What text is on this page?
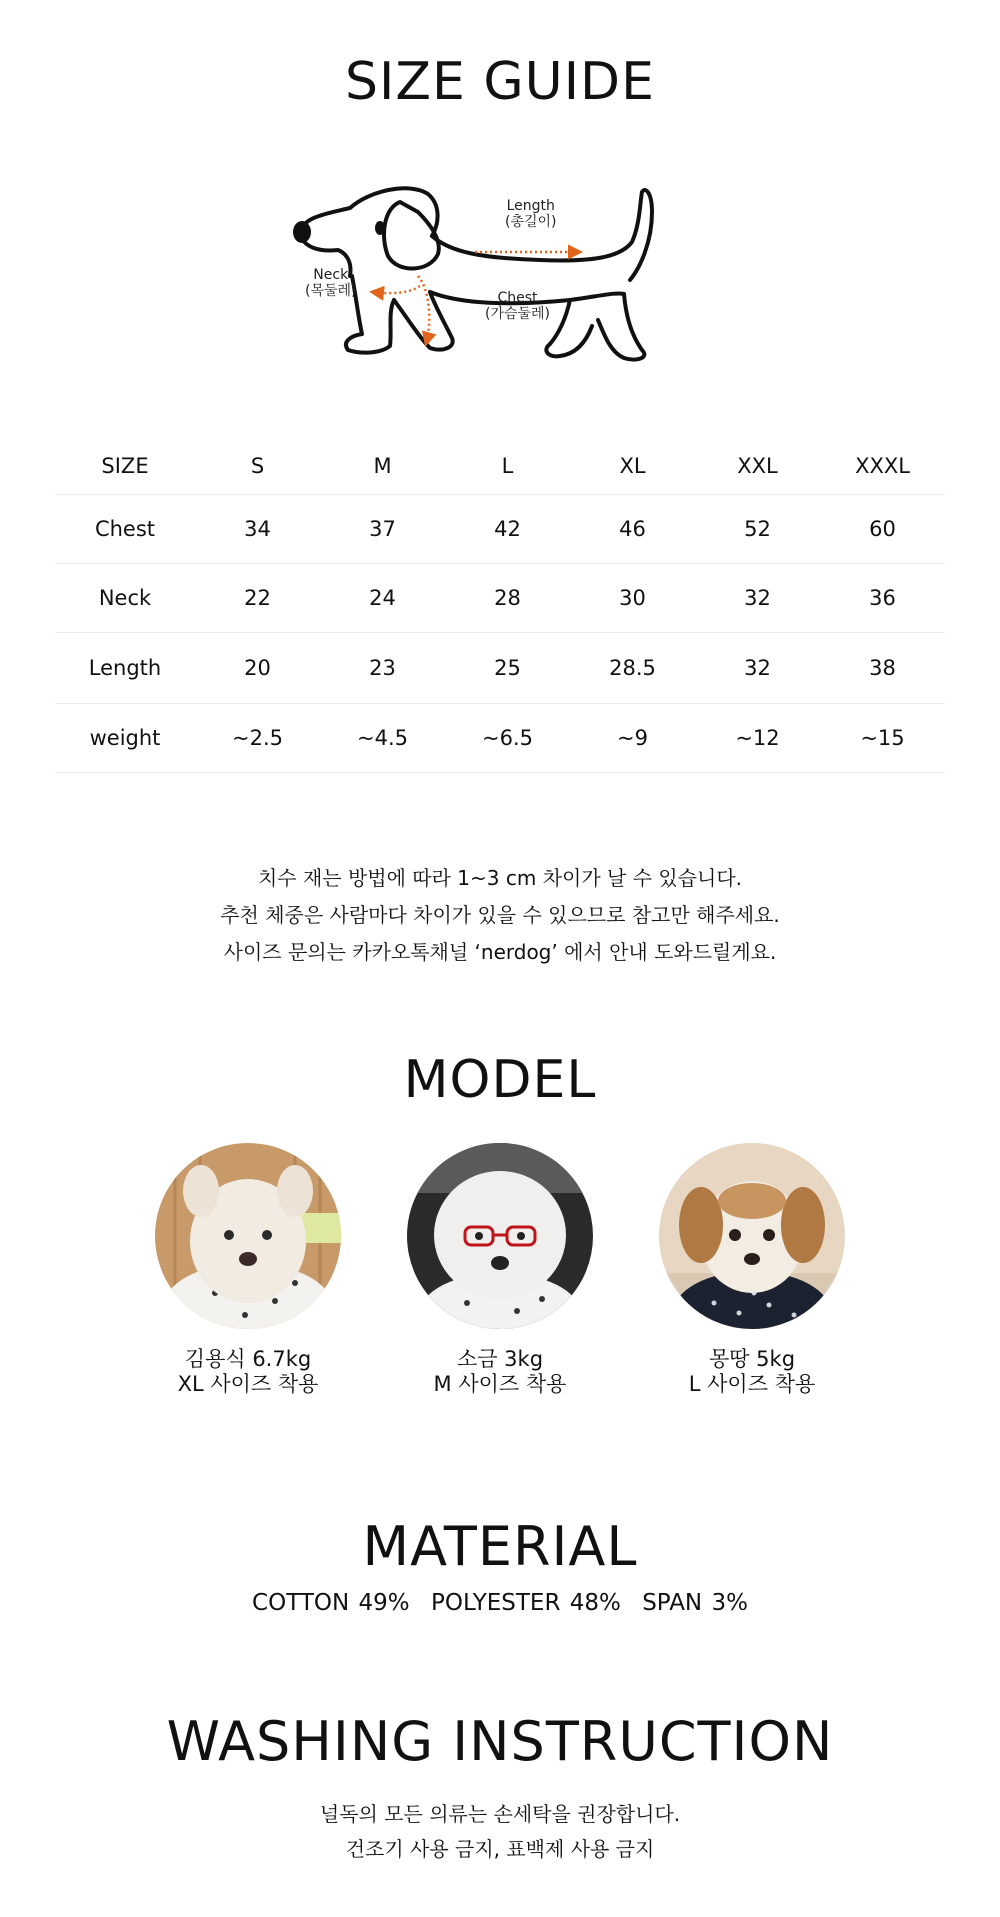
SIZE GUIDE
Length
(총길이)
Neck
(목둘레)	Chest
(가슴둘레)
SIZE	S	M	L	XL	XXL	XXXL
Chest	34	37	42	46	52	60
Neck	22	24	28	30	32	36
Length	20	23	25	28.5	32	38
weight	~2.5	~4.5	~6.5	~9	~12	~15
치수 재는 방법에 따라 1~3 cm 차이가 날 수 있습니다.
추천 체중은 사람마다 차이가 있을 수 있으므로 참고만 해주세요.
사이즈 문의는 카카오톡채널 ‘nerdog’ 에서 안내 도와드릴게요.
MODEL
김용식 6.7kg
XL 사이즈 착용
소금 3kg
M 사이즈 착용
몽땅 5kg
L 사이즈 착용
MATERIAL
COTTON 49% POLYESTER 48% SPAN 3%
WASHING INSTRUCTION
널독의 모든 의류는 손세탁을 권장합니다.
건조기 사용 금지, 표백제 사용 금지
